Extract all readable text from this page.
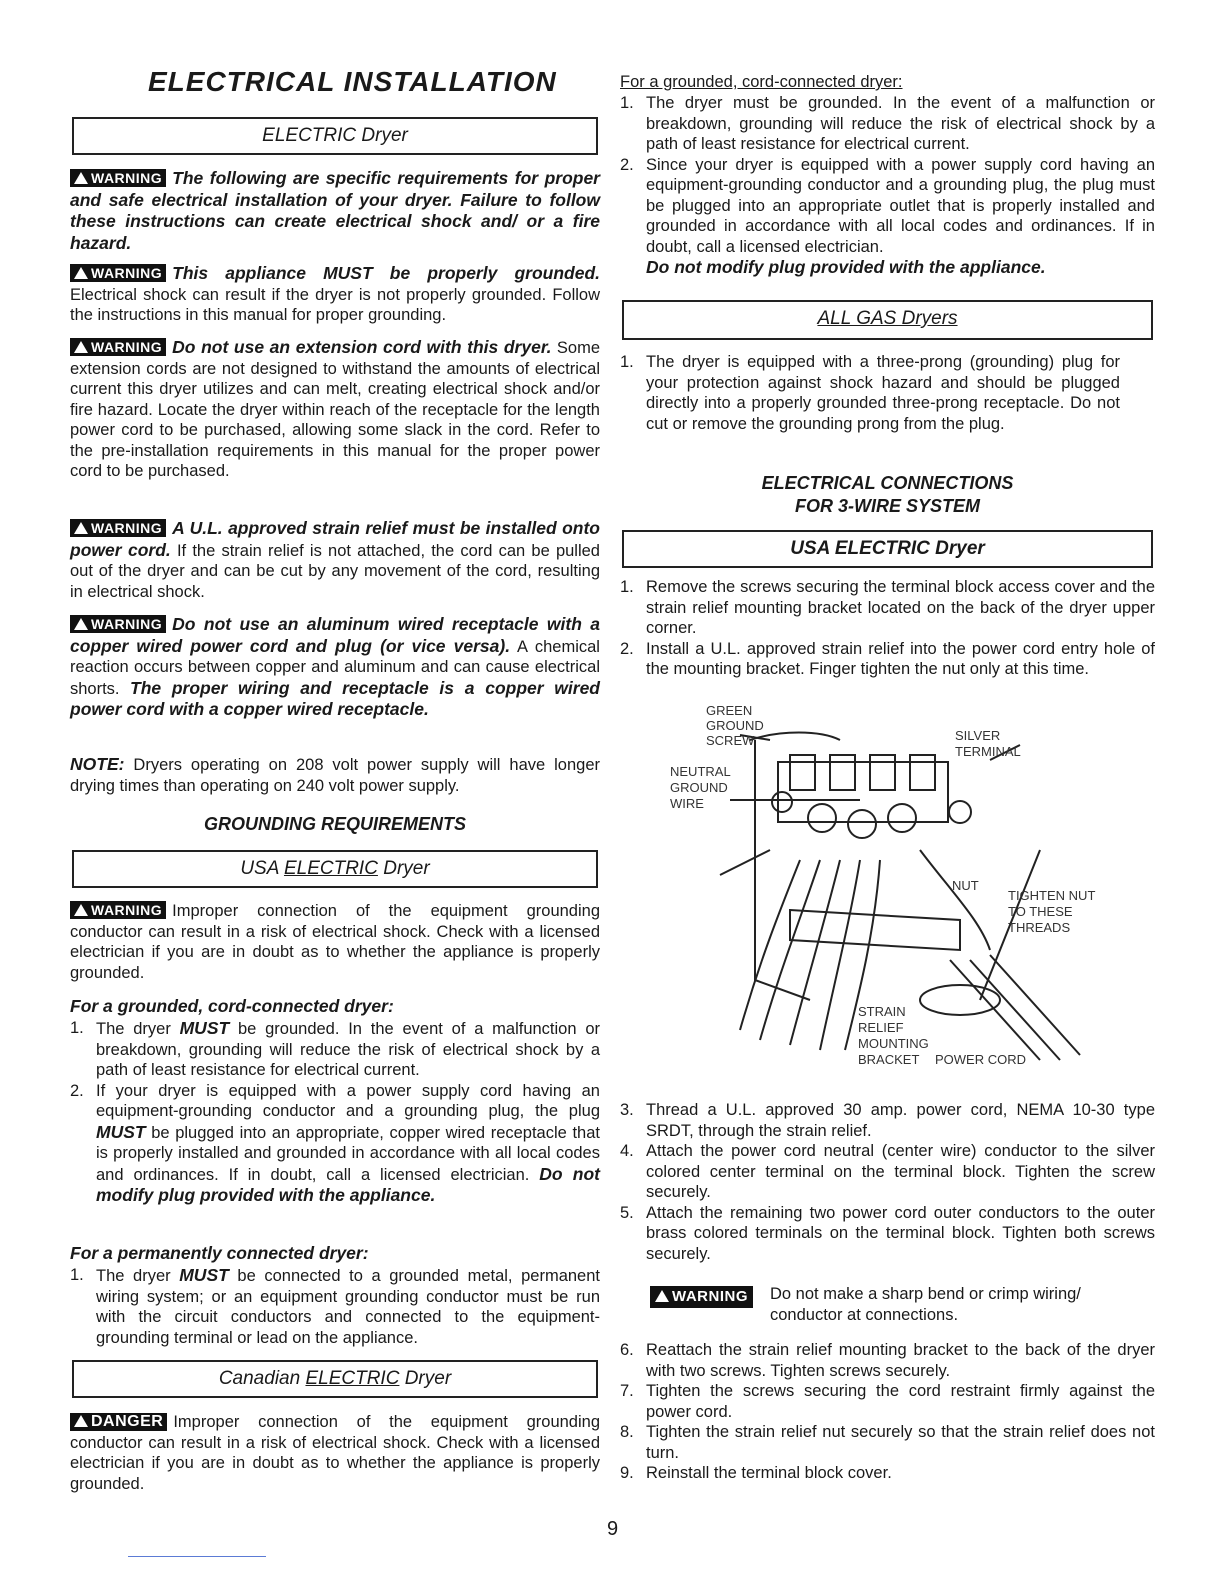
ELECTRICAL INSTALLATION
ELECTRIC Dryer
WARNING The following are specific requirements for proper and safe electrical installation of your dryer. Failure to follow these instructions can create electrical shock and/ or a fire hazard.
WARNING This appliance MUST be properly grounded. Electrical shock can result if the dryer is not properly grounded. Follow the instructions in this manual for proper grounding.
WARNING Do not use an extension cord with this dryer. Some extension cords are not designed to withstand the amounts of electrical current this dryer utilizes and can melt, creating electrical shock and/or fire hazard. Locate the dryer within reach of the receptacle for the length power cord to be purchased, allowing some slack in the cord. Refer to the pre-installation requirements in this manual for the proper power cord to be purchased.
WARNING A U.L. approved strain relief must be installed onto power cord. If the strain relief is not attached, the cord can be pulled out of the dryer and can be cut by any movement of the cord, resulting in electrical shock.
WARNING Do not use an aluminum wired receptacle with a copper wired power cord and plug (or vice versa). A chemical reaction occurs between copper and aluminum and can cause electrical shorts. The proper wiring and receptacle is a copper wired power cord with a copper wired receptacle.
NOTE: Dryers operating on 208 volt power supply will have longer drying times than operating on 240 volt power supply.
GROUNDING REQUIREMENTS
USA ELECTRIC Dryer
WARNING Improper connection of the equipment grounding conductor can result in a risk of electrical shock. Check with a licensed electrician if you are in doubt as to whether the appliance is properly grounded.
For a grounded, cord-connected dryer:
1. The dryer MUST be grounded. In the event of a malfunction or breakdown, grounding will reduce the risk of electrical shock by a path of least resistance for electrical current.
2. If your dryer is equipped with a power supply cord having an equipment-grounding conductor and a grounding plug, the plug MUST be plugged into an appropriate, copper wired receptacle that is properly installed and grounded in accordance with all local codes and ordinances. If in doubt, call a licensed electrician. Do not modify plug provided with the appliance.
For a permanently connected dryer:
1. The dryer MUST be connected to a grounded metal, permanent wiring system; or an equipment grounding conductor must be run with the circuit conductors and connected to the equipment-grounding terminal or lead on the appliance.
Canadian ELECTRIC Dryer
DANGER Improper connection of the equipment grounding conductor can result in a risk of electrical shock. Check with a licensed electrician if you are in doubt as to whether the appliance is properly grounded.
For a grounded, cord-connected dryer:
1. The dryer must be grounded. In the event of a malfunction or breakdown, grounding will reduce the risk of electrical shock by a path of least resistance for electrical current.
2. Since your dryer is equipped with a power supply cord having an equipment-grounding conductor and a grounding plug, the plug must be plugged into an appropriate outlet that is properly installed and grounded in accordance with all local codes and ordinances. If in doubt, call a licensed electrician.
Do not modify plug provided with the appliance.
ALL GAS Dryers
1. The dryer is equipped with a three-prong (grounding) plug for your protection against shock hazard and should be plugged directly into a properly grounded three-prong receptacle. Do not cut or remove the grounding prong from the plug.
ELECTRICAL CONNECTIONS
FOR 3-WIRE SYSTEM
USA ELECTRIC Dryer
1. Remove the screws securing the terminal block access cover and the strain relief mounting bracket located on the back of the dryer upper corner.
2. Install a U.L. approved strain relief into the power cord entry hole of the mounting bracket. Finger tighten the nut only at this time.
GREEN
GROUND
SCREW
NEUTRAL
GROUND
WIRE
SILVER
TERMINAL
NUT
TIGHTEN NUT
TO THESE
THREADS
STRAIN
RELIEF
MOUNTING
BRACKET POWER CORD
3. Thread a U.L. approved 30 amp. power cord, NEMA 10-30 type SRDT, through the strain relief.
4. Attach the power cord neutral (center wire) conductor to the silver colored center terminal on the terminal block. Tighten the screw securely.
5. Attach the remaining two power cord outer conductors to the outer brass colored terminals on the terminal block. Tighten both screws securely.
WARNING	Do not make a sharp bend or crimp wiring/ conductor at connections.
6. Reattach the strain relief mounting bracket to the back of the dryer with two screws. Tighten screws securely.
7. Tighten the screws securing the cord restraint firmly against the power cord.
8. Tighten the strain relief nut securely so that the strain relief does not turn.
9. Reinstall the terminal block cover.
9
